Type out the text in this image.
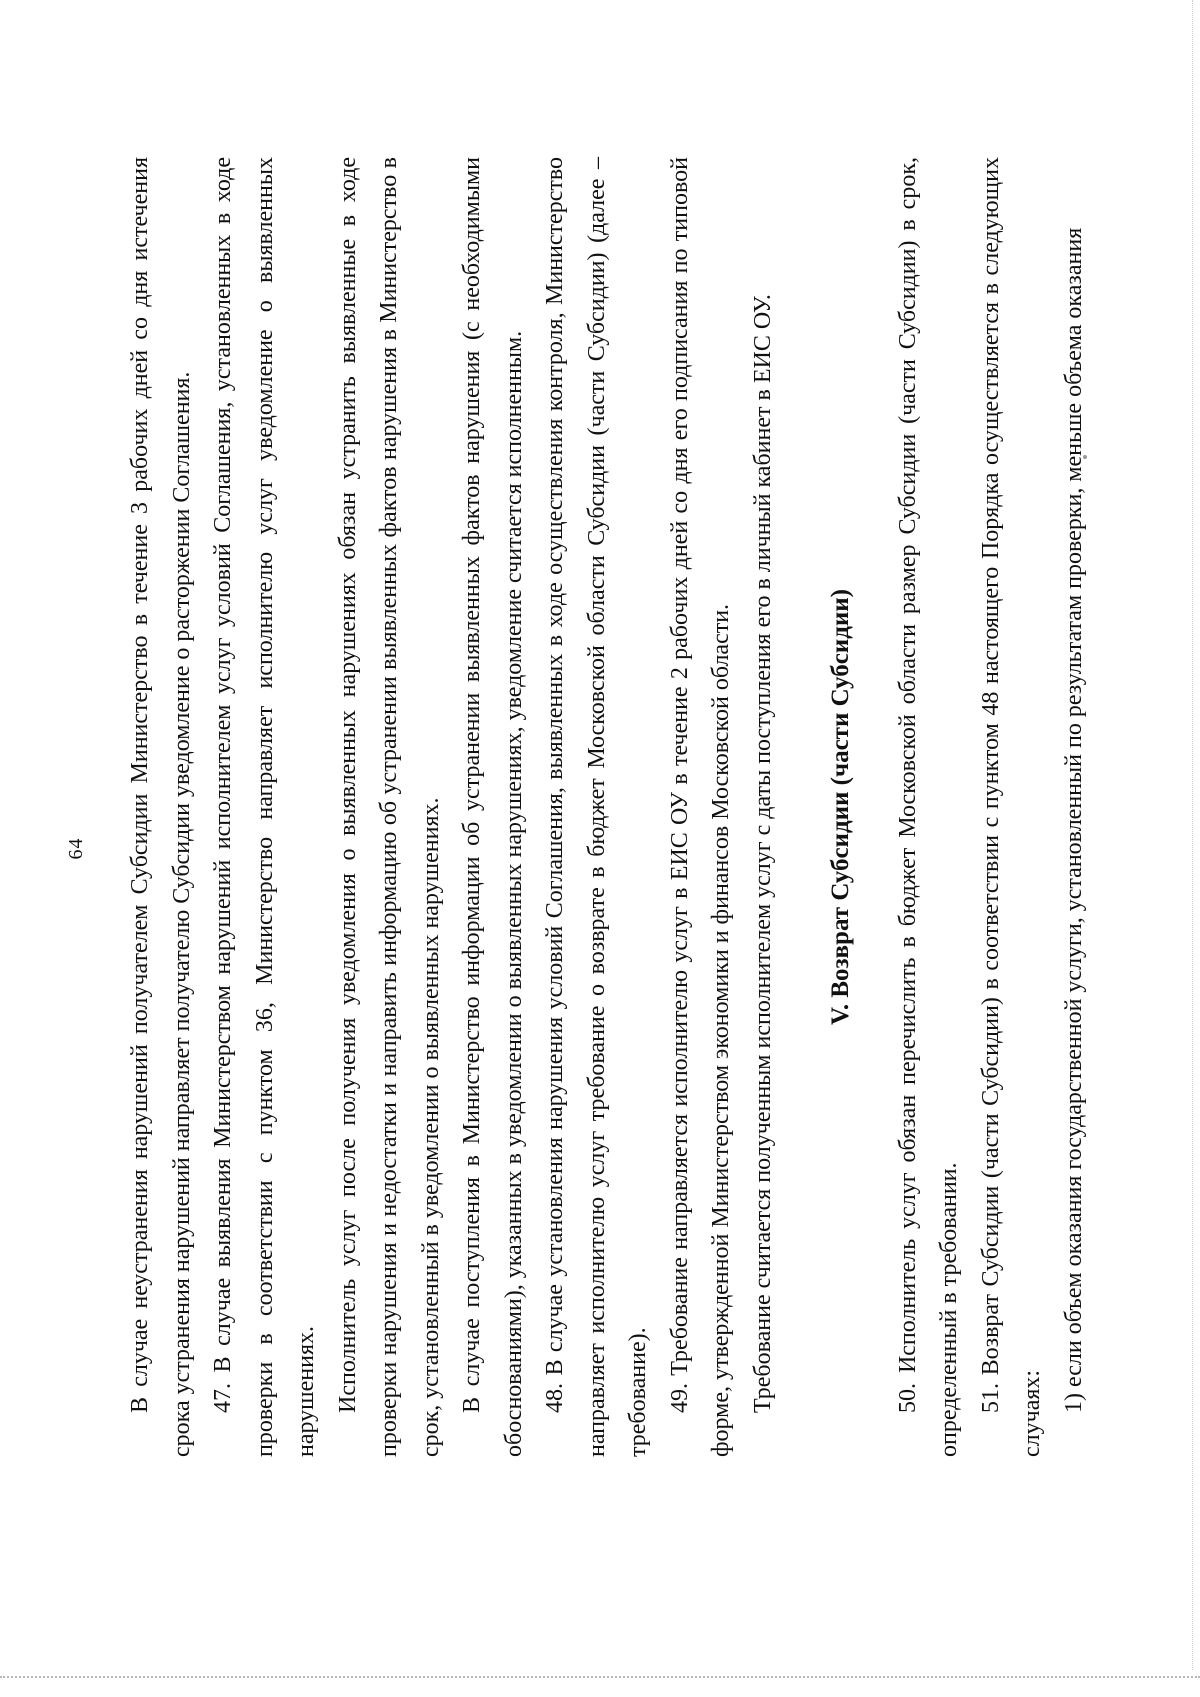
64 В случае неустранения нарушений получателем Субсидии Министерство в течение 3 рабочих дней со дня истечения срока устранения нарушений направляет получателю Субсидии уведомление о расторжении Соглашения. 47. В случае выявления Министерством нарушений исполнителем услуг условий Соглашения, установленных в ходе проверки в соответствии с пунктом 36, Министерство направляет исполнителю услуг уведомление о выявленных нарушениях. Исполнитель услуг после получения уведомления о выявленных нарушениях обязан устранить выявленные в ходе проверки нарушения и недостатки и направить информацию об устранении выявленных фактов нарушения в Министерство в срок, установленный в уведомлении о выявленных нарушениях. В случае поступления в Министерство информации об устранении выявленных фактов нарушения (с необходимыми обоснованиями), указанных в уведомлении о выявленных нарушениях, уведомление считается исполненным. 48. В случае установления нарушения условий Соглашения, выявленных в ходе осуществления контроля, Министерство направляет исполнителю услуг требование о возврате в бюджет Московской области Субсидии (части Субсидии) (далее – требование). 49. Требование направляется исполнителю услуг в ЕИС ОУ в течение 2 рабочих дней со дня его подписания по типовой форме, утвержденной Министерством экономики и финансов Московской области. Требование считается полученным исполнителем услуг с даты поступления его в личный кабинет в ЕИС ОУ.	V. Возврат Субсидии (части Субсидии)	50. Исполнитель услуг обязан перечислить в бюджет Московской области размер Субсидии (части Субсидии) в срок, определенный в требовании. 51. Возврат Субсидии (части Субсидии) в соответствии с пунктом 48 настоящего Порядка осуществляется в следующих случаях:

1) если объем оказания государственной услуги, установленный по результатам проверки, меньше объема оказания
